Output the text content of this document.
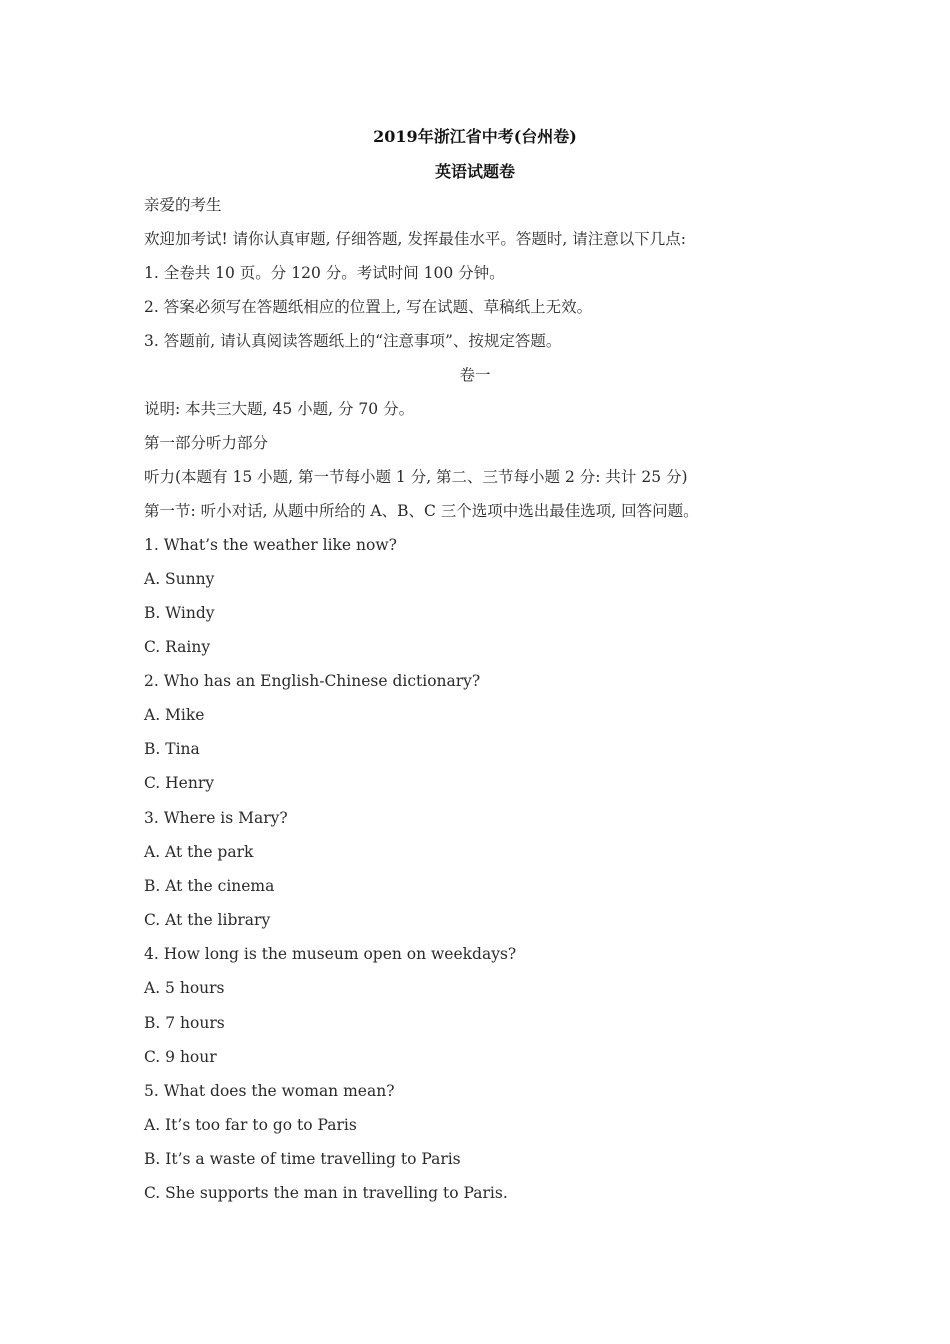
2019年浙江省中考(台州卷)
英语试题卷
亲爱的考生
欢迎加考试! 请你认真审题, 仔细答题, 发挥最佳水平。答题时, 请注意以下几点:
1. 全卷共 10 页。分 120 分。考试时间 100 分钟。
2. 答案必须写在答题纸相应的位置上, 写在试题、草稿纸上无效。
3. 答题前, 请认真阅读答题纸上的“注意事项”、按规定答题。
卷一
说明: 本共三大题, 45 小题, 分 70 分。
第一部分听力部分
听力(本题有 15 小题, 第一节每小题 1 分, 第二、三节每小题 2 分: 共计 25 分)
第一节: 听小对话, 从题中所给的 A、B、C 三个选项中选出最佳选项, 回答问题。
1. What’s the weather like now?
A. Sunny
B. Windy
C. Rainy
2. Who has an English-Chinese dictionary?
A. Mike
B. Tina
C. Henry
3. Where is Mary?
A. At the park
B. At the cinema
C. At the library
4. How long is the museum open on weekdays?
A. 5 hours
B. 7 hours
C. 9 hour
5. What does the woman mean?
A. It’s too far to go to Paris
B. It’s a waste of time travelling to Paris
C. She supports the man in travelling to Paris.
